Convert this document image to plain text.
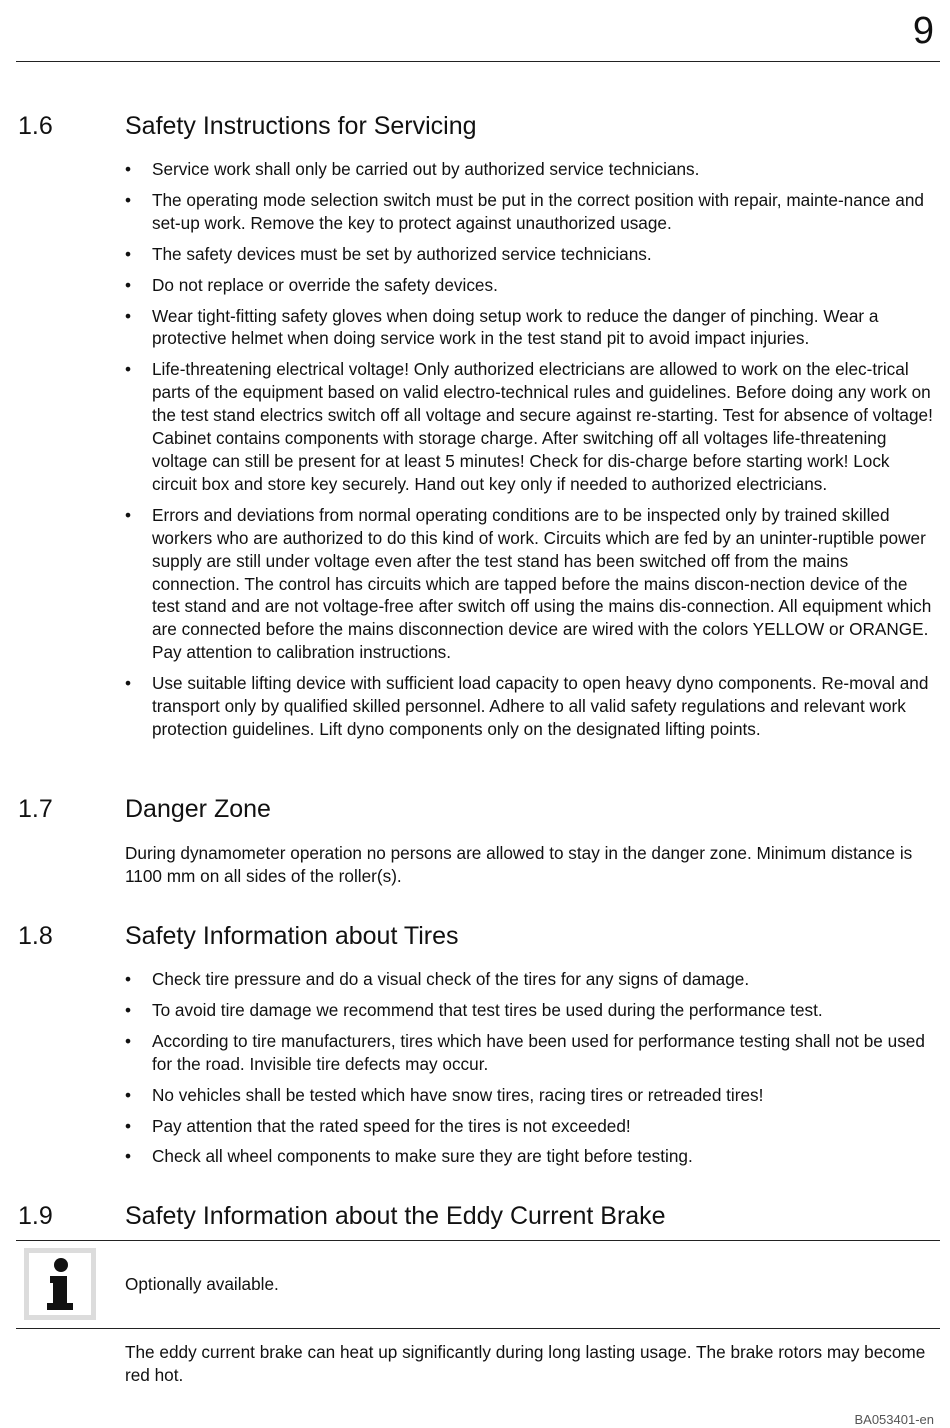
9
1.6	Safety Instructions for Servicing
• Service work shall only be carried out by authorized service technicians.
• The operating mode selection switch must be put in the correct position with repair, mainte-nance and set-up work. Remove the key to protect against unauthorized usage.
• The safety devices must be set by authorized service technicians.
• Do not replace or override the safety devices.
• Wear tight-fitting safety gloves when doing setup work to reduce the danger of pinching. Wear a protective helmet when doing service work in the test stand pit to avoid impact injuries.
• Life-threatening electrical voltage! Only authorized electricians are allowed to work on the elec-trical parts of the equipment based on valid electro-technical rules and guidelines. Before doing any work on the test stand electrics switch off all voltage and secure against re-starting. Test for absence of voltage! Cabinet contains components with storage charge. After switching off all voltages life-threatening voltage can still be present for at least 5 minutes! Check for dis-charge before starting work! Lock circuit box and store key securely. Hand out key only if needed to authorized electricians.
• Errors and deviations from normal operating conditions are to be inspected only by trained skilled workers who are authorized to do this kind of work. Circuits which are fed by an uninter-ruptible power supply are still under voltage even after the test stand has been switched off from the mains connection. The control has circuits which are tapped before the mains discon-nection device of the test stand and are not voltage-free after switch off using the mains dis-connection. All equipment which are connected before the mains disconnection device are wired with the colors YELLOW or ORANGE. Pay attention to calibration instructions.
• Use suitable lifting device with sufficient load capacity to open heavy dyno components. Re-moval and transport only by qualified skilled personnel. Adhere to all valid safety regulations and relevant work protection guidelines. Lift dyno components only on the designated lifting points.
1.7	Danger Zone

During dynamometer operation no persons are allowed to stay in the danger zone. Minimum distance is 1100 mm on all sides of the roller(s).

1.8	Safety Information about Tires
• Check tire pressure and do a visual check of the tires for any signs of damage.
• To avoid tire damage we recommend that test tires be used during the performance test.
• According to tire manufacturers, tires which have been used for performance testing shall not be used for the road. Invisible tire defects may occur.
• No vehicles shall be tested which have snow tires, racing tires or retreaded tires!
• Pay attention that the rated speed for the tires is not exceeded!
• Check all wheel components to make sure they are tight before testing.
1.9	Safety Information about the Eddy Current Brake

Optionally available.

The eddy current brake can heat up significantly during long lasting usage. The brake rotors may become red hot.

BA053401-en
